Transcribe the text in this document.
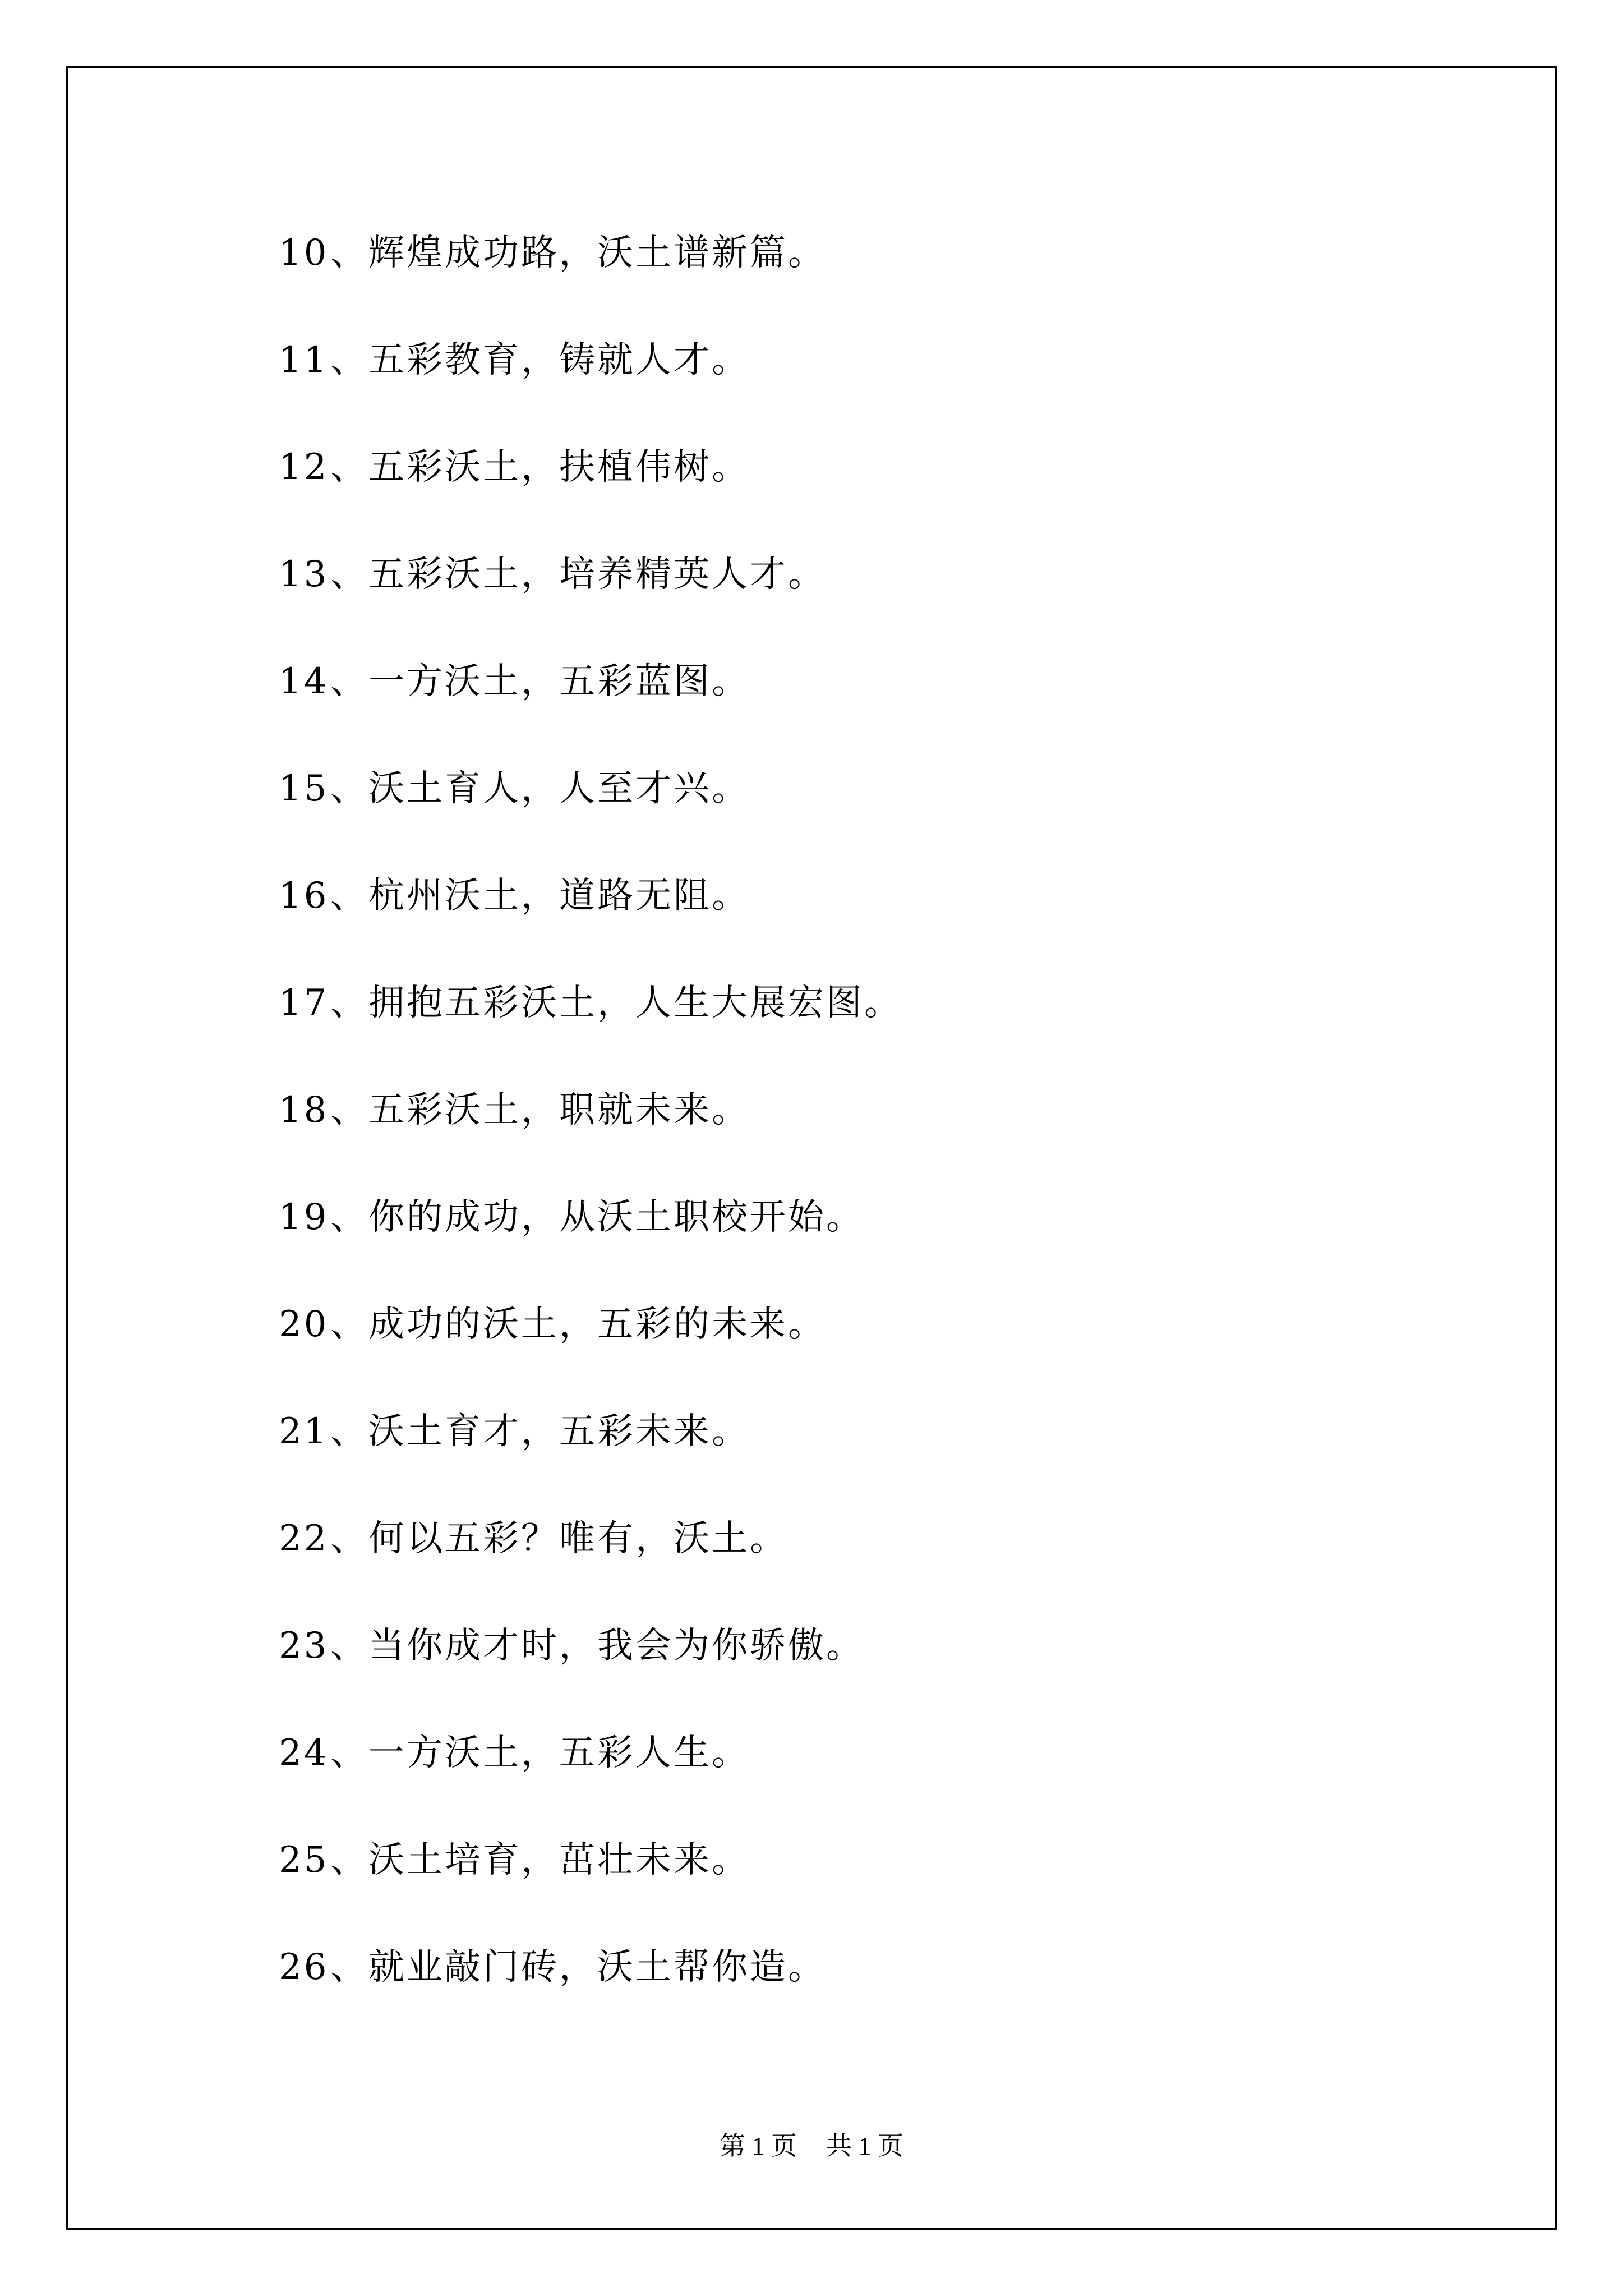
10 、辉煌成功路，沃土谱新篇。
11 、五彩教育，铸就人才。
12 、五彩沃土，扶植伟树。
13 、五彩沃土，培养精英人才。
14 、一方沃土，五彩蓝图。
15 、沃土育人，人至才兴。
16 、杭州沃土，道路无阻。
17 、拥抱五彩沃土，人生大展宏图。
18 、五彩沃土，职就未来。
19 、你的成功，从沃土职校开始。
20 、成功的沃土，五彩的未来。
21 、沃土育才，五彩未来。
22 、何以五彩？唯有，沃土。
23 、当你成才时，我会为你骄傲。
24 、一方沃土，五彩人生。
25 、沃土培育，茁壮未来。
26 、就业敲门砖，沃土帮你造。
第 1 页 共 1 页
